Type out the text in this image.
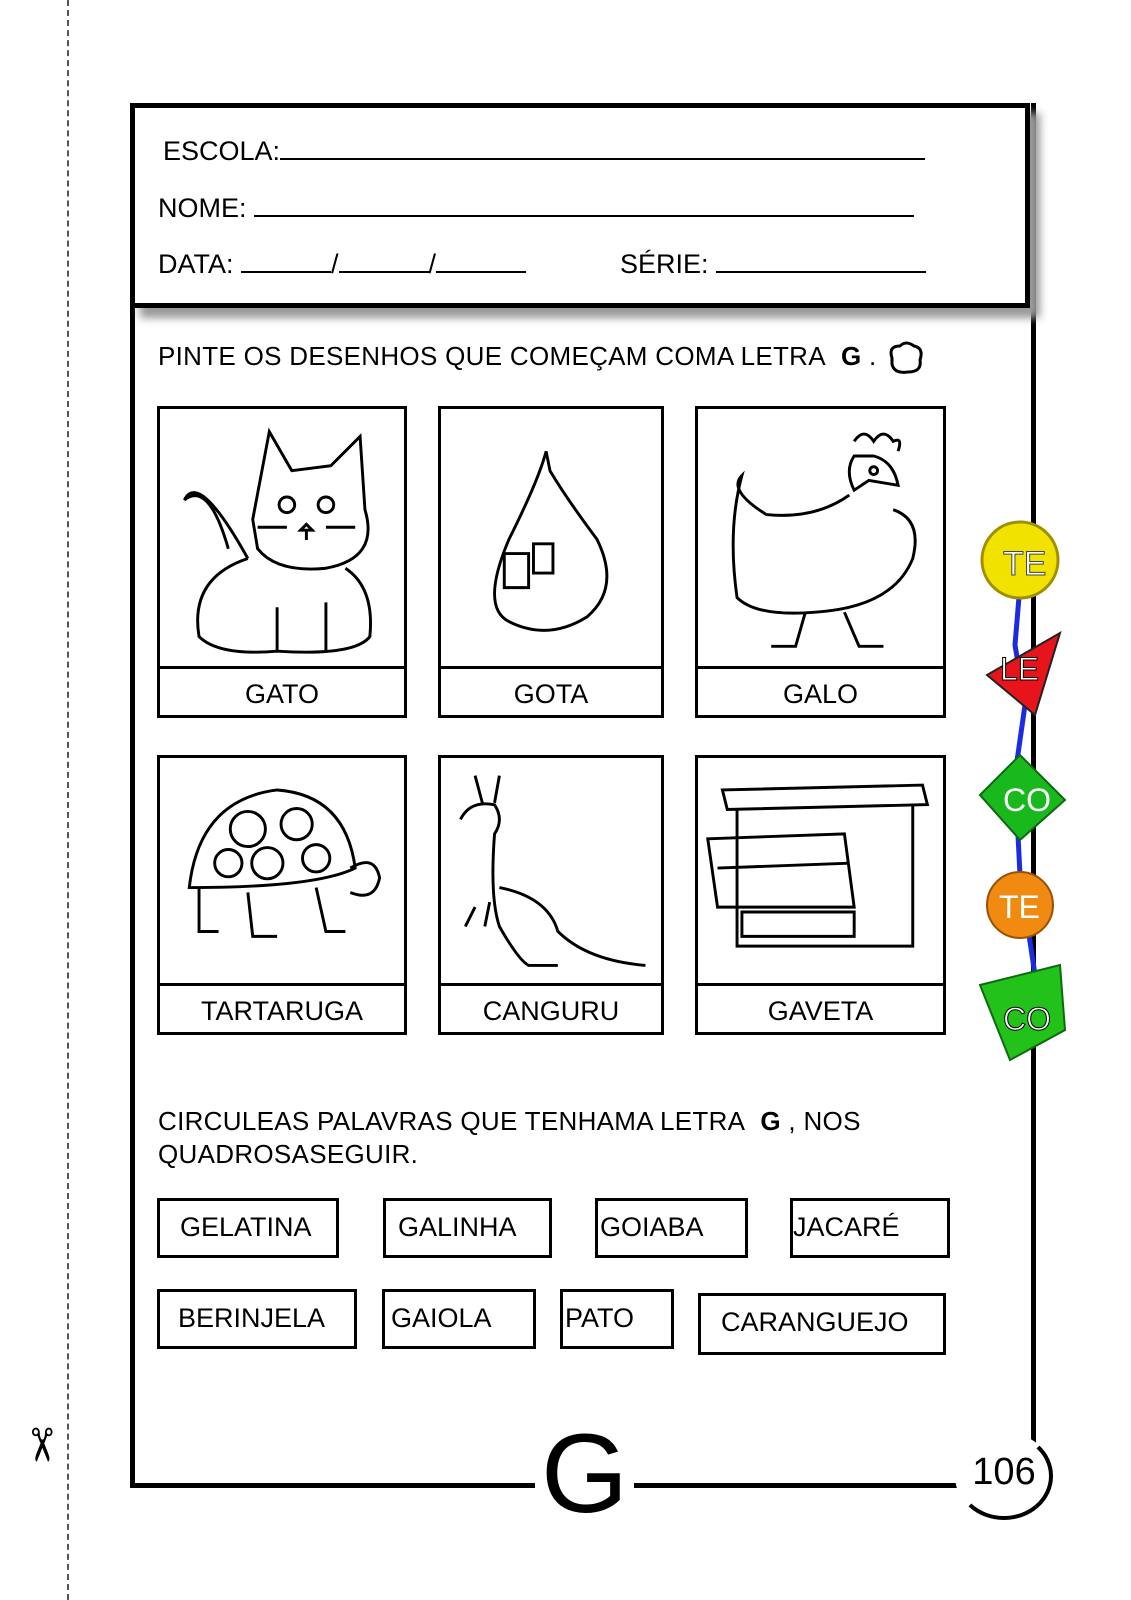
✂
ESCOLA:
NOME:
DATA:	/	/	SÉRIE:
PINTE OS DESENHOS QUE COMEÇAM COMA LETRA G .
GATO	GOTA	GALO
TARTARUGA	CANGURU	GAVETA
CIRCULEAS PALAVRAS QUE TENHAMA LETRA G , NOS
QUADROSASEGUIR.
GELATINA	GALINHA	GOIABA	JACARÉ
BERINJELA	GAIOLA	PATO	CARANGUEJO
G	106
TE
LE
CO
TE
CO
